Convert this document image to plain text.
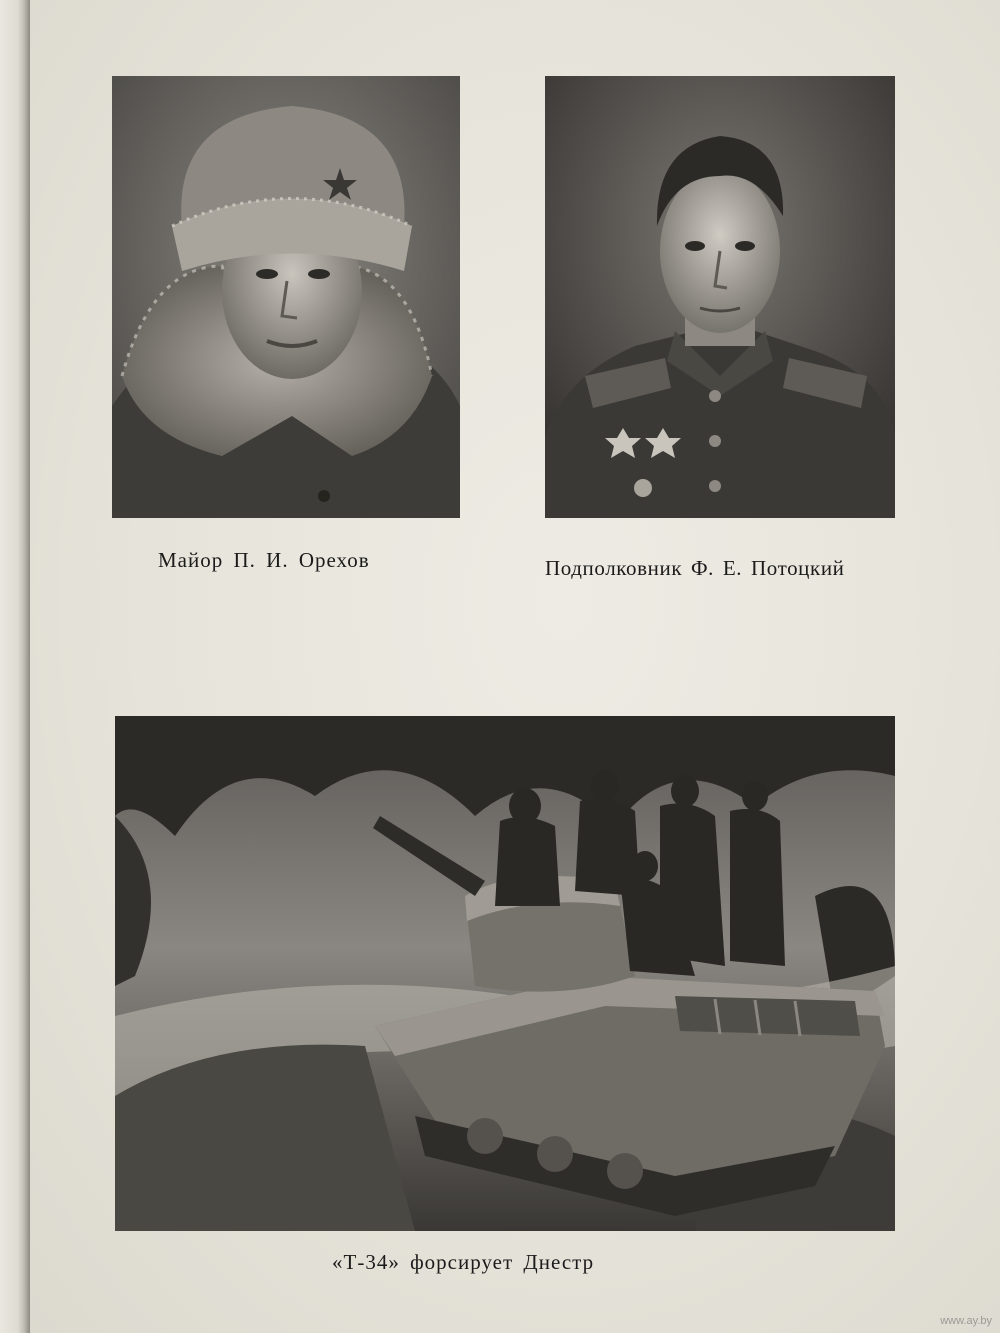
Майор П. И. Орехов	Подполковник Ф. Е. Потоцкий
«Т-34» форсирует Днестр
www.ay.by
